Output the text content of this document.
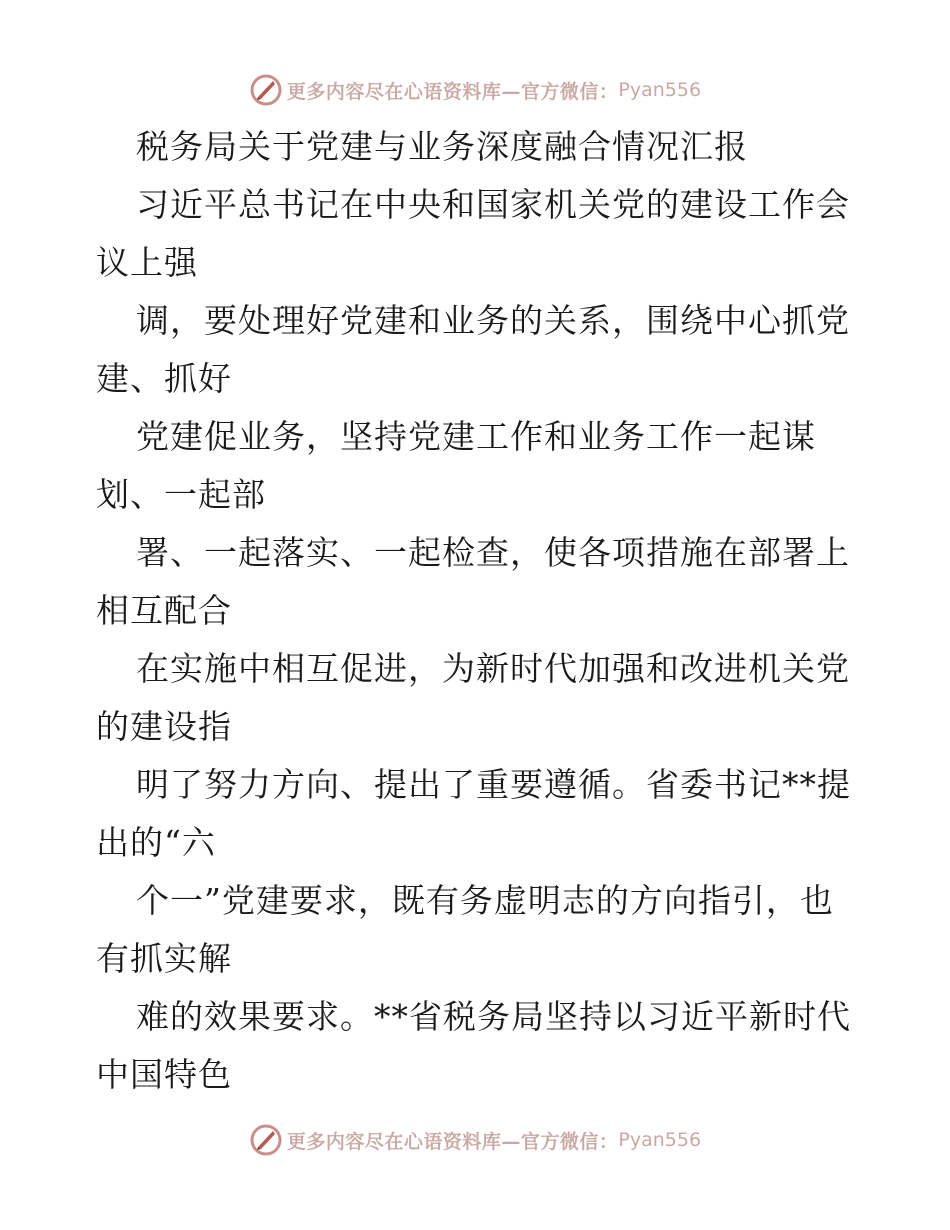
更多内容尽在心语资料库—官方微信： Pyan556
税务局关于党建与业务深度融合情况汇报
习近平总书记在中央和国家机关党的建设工作会
议上强
调，要处理好党建和业务的关系，围绕中心抓党
建、抓好
党建促业务，坚持党建工作和业务工作一起谋
划、一起部
署、一起落实、一起检查，使各项措施在部署上
相互配合
在实施中相互促进，为新时代加强和改进机关党
的建设指
明了努力方向、提出了重要遵循。省委书记**提
出的“六
个一”党建要求，既有务虚明志的方向指引，也
有抓实解
难的效果要求。**省税务局坚持以习近平新时代
中国特色
更多内容尽在心语资料库—官方微信： Pyan556
